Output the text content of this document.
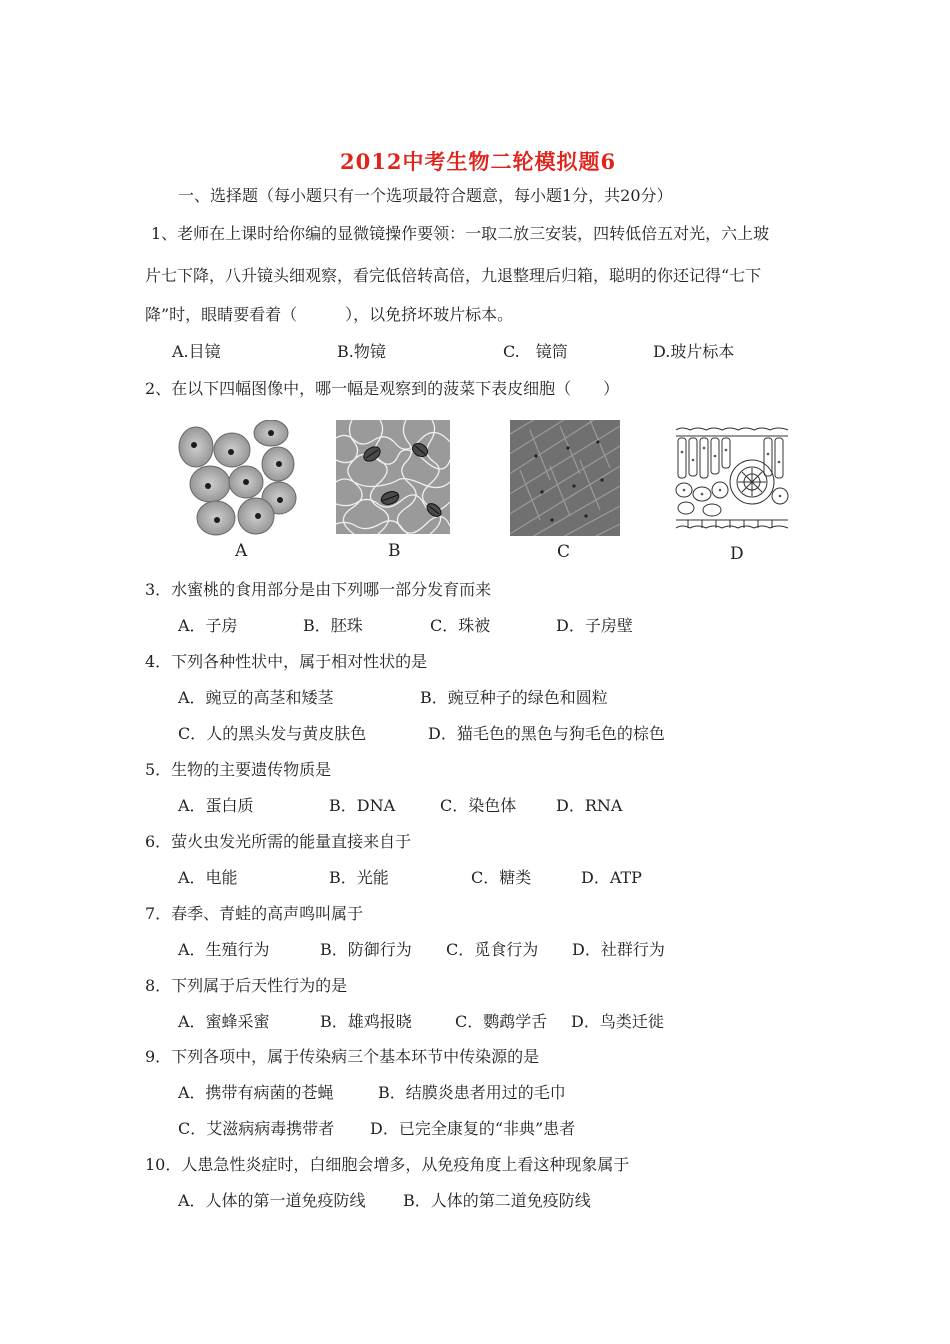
2012中考生物二轮模拟题6
一、选择题（每小题只有一个选项最符合题意，每小题1分，共20分）
1、老师在上课时给你编的显微镜操作要领：一取二放三安装，四转低倍五对光，六上玻
片七下降，八升镜头细观察，看完低倍转高倍，九退整理后归箱，聪明的你还记得“七下
降”时，眼睛要看着（　　　），以免挤坏玻片标本。
A.目镜	B.物镜	C.　镜筒	D.玻片标本
2、在以下四幅图像中，哪一幅是观察到的菠菜下表皮细胞（　　）
A	B	C	D
3．水蜜桃的食用部分是由下列哪一部分发育而来
A．子房	B．胚珠	C．珠被	D．子房壁
4．下列各种性状中，属于相对性状的是
A．豌豆的高茎和矮茎	B．豌豆种子的绿色和圆粒
C．人的黑头发与黄皮肤色	D．猫毛色的黑色与狗毛色的棕色
5．生物的主要遗传物质是
A．蛋白质	B．DNA	C．染色体 D．RNA
6．萤火虫发光所需的能量直接来自于
A．电能	B．光能	C．糖类	D．ATP
7．春季、青蛙的高声鸣叫属于
A．生殖行为	B．防御行为 C．觅食行为 D．社群行为
8．下列属于后天性行为的是
A．蜜蜂采蜜	B．雄鸡报晓	C．鹦鹉学舌 D．鸟类迁徙
9．下列各项中，属于传染病三个基本环节中传染源的是
A．携带有病菌的苍蝇	B．结膜炎患者用过的毛巾
C．艾滋病病毒携带者 D．已完全康复的“非典”患者
10．人患急性炎症时，白细胞会增多，从免疫角度上看这种现象属于
A．人体的第一道免疫防线 B．人体的第二道免疫防线
